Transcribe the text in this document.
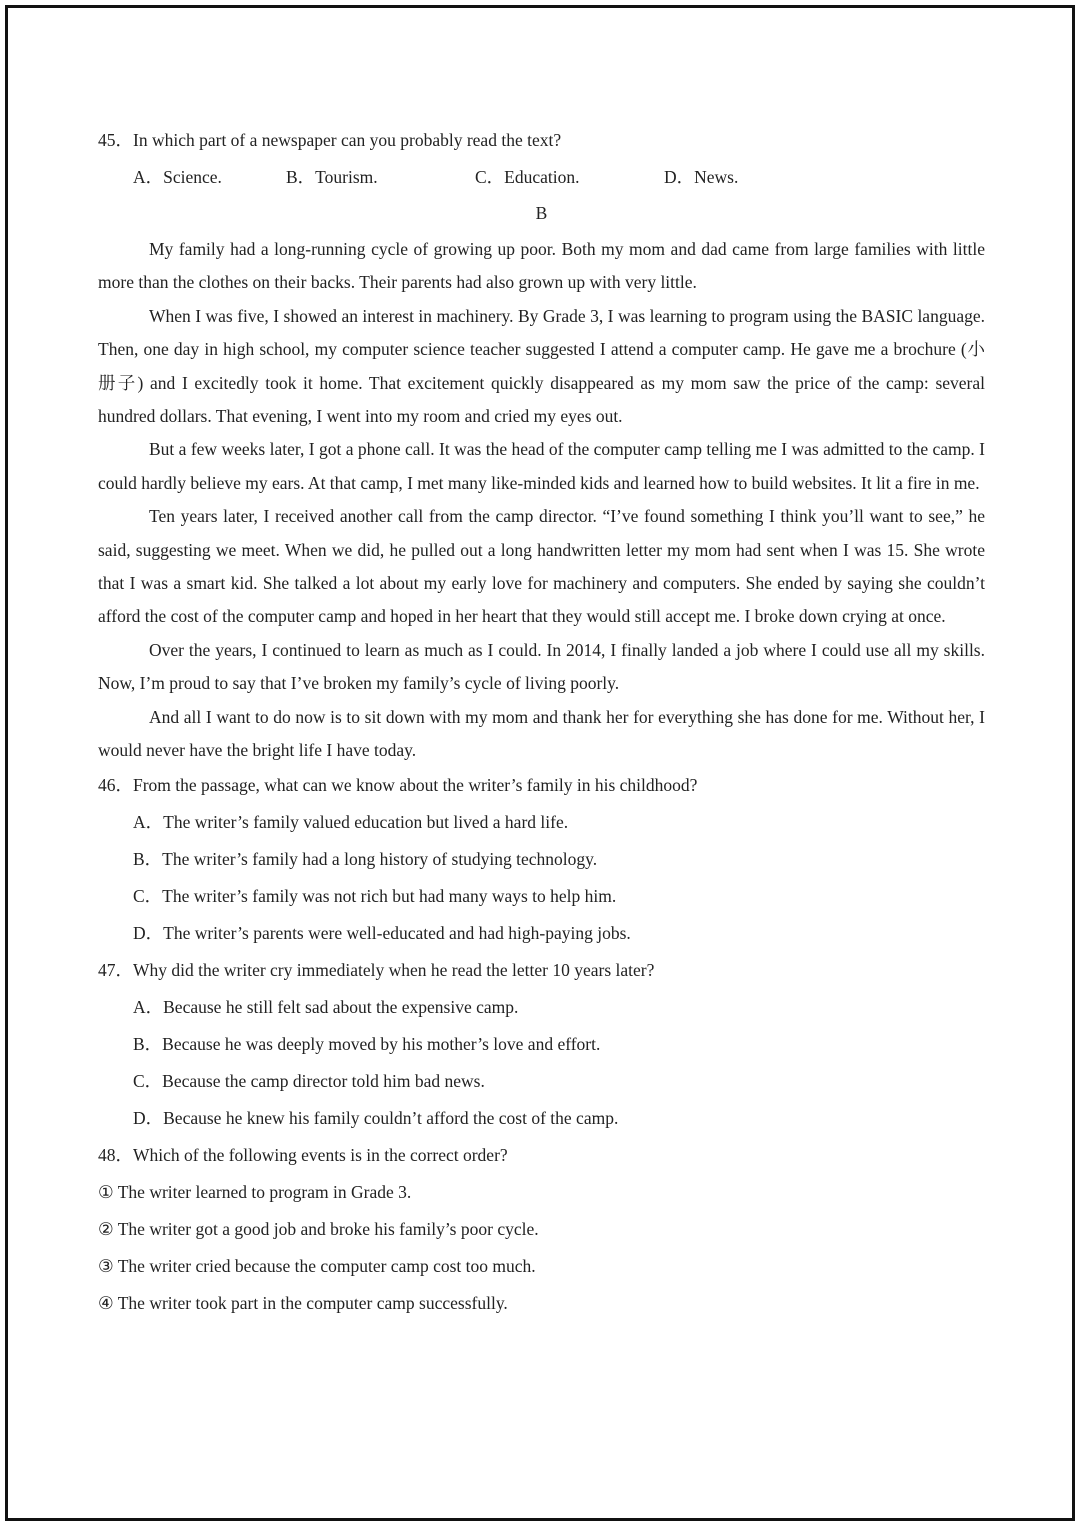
45．In which part of a newspaper can you probably read the text?
A．Science.	B．Tourism.	C．Education.	D．News.
B
My family had a long-running cycle of growing up poor. Both my mom and dad came from large families with little more than the clothes on their backs. Their parents had also grown up with very little.
When I was five, I showed an interest in machinery. By Grade 3, I was learning to program using the BASIC language. Then, one day in high school, my computer science teacher suggested I attend a computer camp. He gave me a brochure (小册子) and I excitedly took it home. That excitement quickly disappeared as my mom saw the price of the camp: several hundred dollars. That evening, I went into my room and cried my eyes out.
But a few weeks later, I got a phone call. It was the head of the computer camp telling me I was admitted to the camp. I could hardly believe my ears. At that camp, I met many like-minded kids and learned how to build websites. It lit a fire in me.
Ten years later, I received another call from the camp director. “I’ve found something I think you’ll want to see,” he said, suggesting we meet. When we did, he pulled out a long handwritten letter my mom had sent when I was 15. She wrote that I was a smart kid. She talked a lot about my early love for machinery and computers. She ended by saying she couldn’t afford the cost of the computer camp and hoped in her heart that they would still accept me. I broke down crying at once.
Over the years, I continued to learn as much as I could. In 2014, I finally landed a job where I could use all my skills. Now, I’m proud to say that I’ve broken my family’s cycle of living poorly.
And all I want to do now is to sit down with my mom and thank her for everything she has done for me. Without her, I would never have the bright life I have today.
46．From the passage, what can we know about the writer’s family in his childhood?
A．The writer’s family valued education but lived a hard life.
B．The writer’s family had a long history of studying technology.
C．The writer’s family was not rich but had many ways to help him.
D．The writer’s parents were well-educated and had high-paying jobs.
47．Why did the writer cry immediately when he read the letter 10 years later?
A．Because he still felt sad about the expensive camp.
B．Because he was deeply moved by his mother’s love and effort.
C．Because the camp director told him bad news.
D．Because he knew his family couldn’t afford the cost of the camp.
48．Which of the following events is in the correct order?
① The writer learned to program in Grade 3.
② The writer got a good job and broke his family’s poor cycle.
③ The writer cried because the computer camp cost too much.
④ The writer took part in the computer camp successfully.
